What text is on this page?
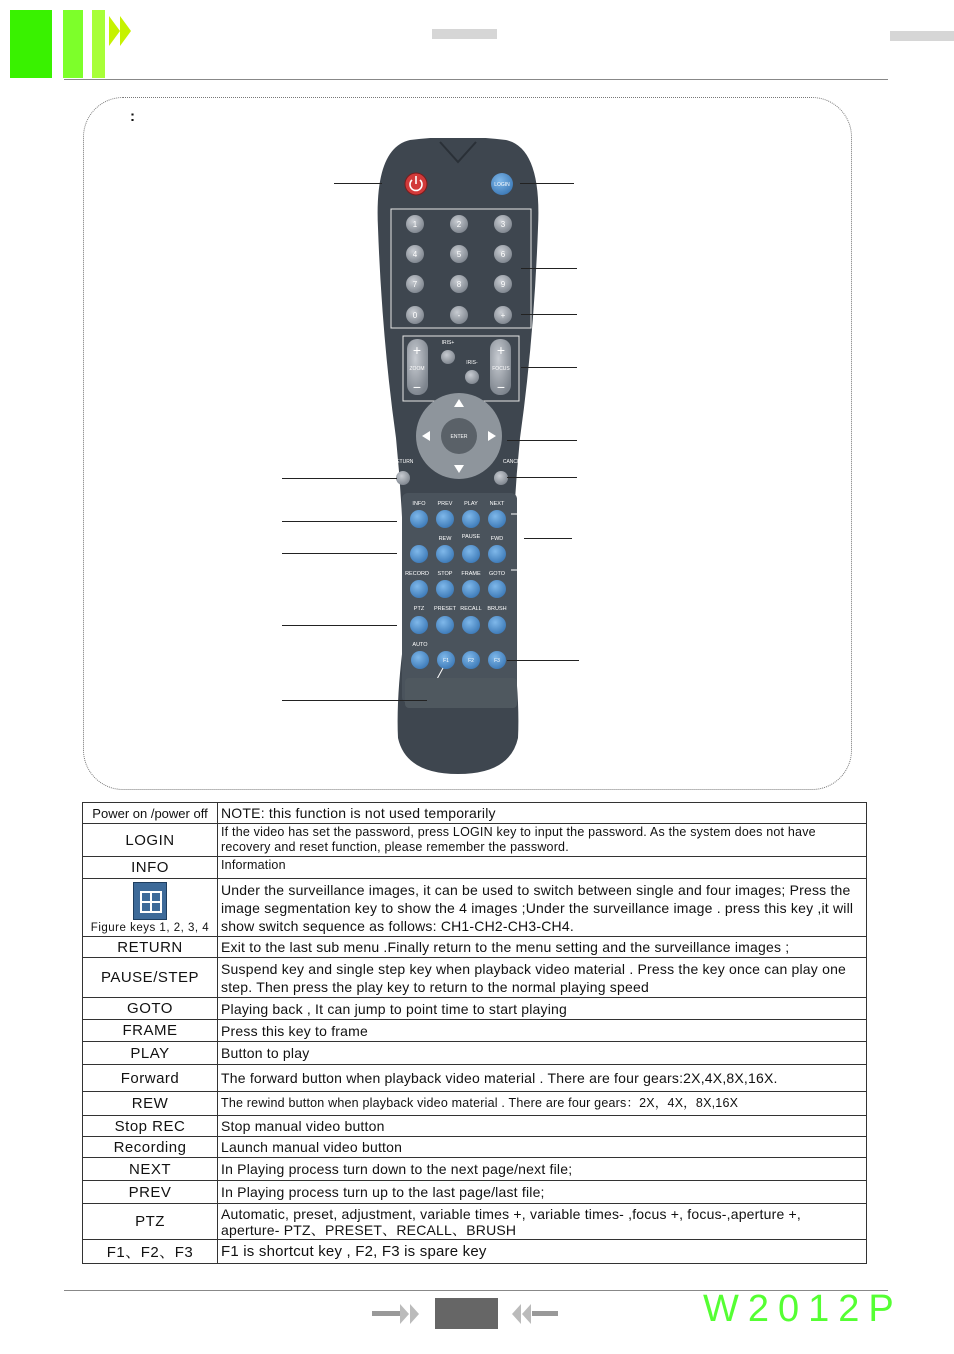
:
LOGIN
1	2	3
4	5	6
7	8	9
0	-	+
+
−
+
−
ZOOM	FOCUS
IRIS+
IRIS-
ENTER
RETURN	CANCEL
INFO PREV PLAY NEXT
REW PAUSE FWD
RECORD STOP FRAME GOTO
PTZ PRESET RECALL BRUSH
AUTO
F1	F2	F3
Power on /power off	NOTE: this function is not used temporarily
LOGIN	If the video has set the password, press LOGIN key to input the password. As the system does not have recovery and reset function, please remember the password.
INFO	Information

Figure keys 1, 2, 3, 4	Under the surveillance images, it can be used to switch between single and four images; Press the image segmentation key to show the 4 images ;Under the surveillance image . press this key ,it will show switch sequence as follows: CH1-CH2-CH3-CH4.
RETURN	Exit to the last sub menu .Finally return to the menu setting and the surveillance images ;
PAUSE/STEP	Suspend key and single step key when playback video material . Press the key once can play one step. Then press the play key to return to the normal playing speed
GOTO	Playing back , It can jump to point time to start playing
FRAME	Press this key to frame
PLAY	Button to play
Forward	The forward button when playback video material . There are four gears:2X,4X,8X,16X.
REW	The rewind button when playback video material . There are four gears：2X，4X，8X,16X
Stop REC	Stop manual video button
Recording	Launch manual video button
NEXT	In Playing process turn down to the next page/next file;
PREV	In Playing process turn up to the last page/last file;
PTZ	Automatic, preset, adjustment, variable times +, variable times- ,focus +, focus-,aperture +, aperture- PTZ、PRESET、RECALL、BRUSH
F1、F2、F3	F1 is shortcut key , F2, F3 is spare key
W2012P
